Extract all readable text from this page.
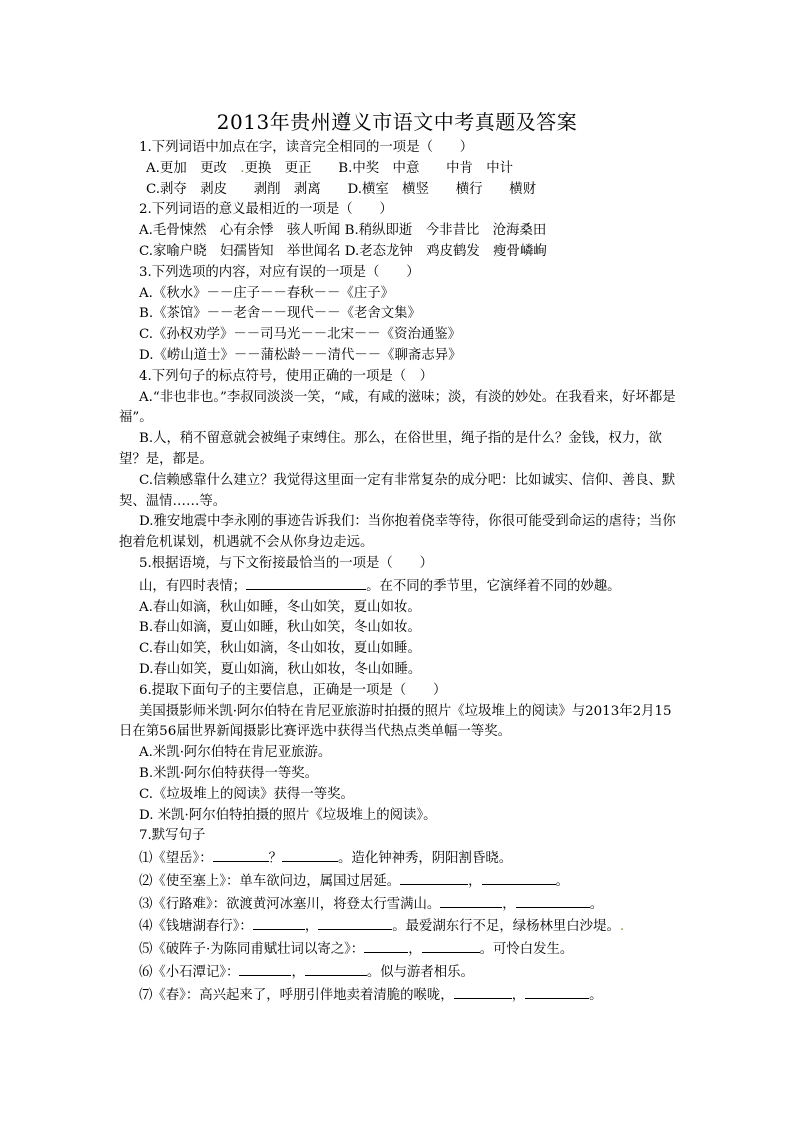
2013年贵州遵义市语文中考真题及答案
1.下列词语中加点在字，读音完全相同的一项是（　　）
A.更加　更改　.更换　更正　　B.中奖　中意　　中肯　中计
C.剥夺　剥皮　　剥削　剥离　　D.横室　横竖　　横行　　横财
2.下列词语的意义最相近的一项是（　　）
A.毛骨悚然　心有余悸　骇人听闻 B.稍纵即逝　今非昔比　沧海桑田
C.家喻户晓　妇孺皆知　举世闻名 D.老态龙钟　鸡皮鹤发　瘦骨嶙峋
3.下列选项的内容，对应有误的一项是（　　）
A.《秋水》－－庄子－－春秋－－《庄子》
B.《茶馆》－－老舍－－现代－－《老舍文集》
C.《孙权劝学》－－司马光－－北宋－－《资治通鉴》
D.《崂山道士》－－蒲松龄－－清代－－《聊斋志异》
4.下列句子的标点符号，使用正确的一项是（　）
A.“非也非也。”李叔同淡淡一笑，“咸，有咸的滋味；淡，有淡的妙处。在我看来，好坏都是福”。
B.人，稍不留意就会被绳子束缚住。那么，在俗世里，绳子指的是什么？金钱，权力，欲望？是，都是。
C.信赖感靠什么建立？我觉得这里面一定有非常复杂的成分吧：比如诚实、信仰、善良、默契、温情……等。
D.雅安地震中李永刚的事迹告诉我们：当你抱着侥幸等待，你很可能受到命运的虐待；当你抱着危机谋划，机遇就不会从你身边走远。
5.根据语境，与下文衔接最恰当的一项是（　　）
山，有四时表情；	。在不同的季节里，它演绎着不同的妙趣。
A.春山如滴，秋山如睡，冬山如笑，夏山如妆。
B.春山如滴，夏山如睡，秋山如笑，冬山如妆。
C.春山如笑，秋山如滴，冬山如妆，夏山如睡。
D.春山如笑，夏山如滴，秋山如妆，冬山如睡。
6.提取下面句子的主要信息，正确是一项是（　　）
美国摄影师米凯·阿尔伯特在肯尼亚旅游时拍摄的照片《垃圾堆上的阅读》与2013年2月15日在第56届世界新闻摄影比赛评选中获得当代热点类单幅一等奖。
A.米凯·阿尔伯特在肯尼亚旅游。
B.米凯·阿尔伯特获得一等奖。
C.《垃圾堆上的阅读》获得一等奖。
D. 米凯·阿尔伯特拍摄的照片《垃圾堆上的阅读》。
7.默写句子
⑴《望岳》：	？	。造化钟神秀，阴阳割昏晓。
⑵《使至塞上》：单车欲问边，属国过居延。	，	。
⑶《行路难》：欲渡黄河冰塞川，将登太行雪满山。	，	。
⑷《钱塘湖春行》：	，	。最爱湖东行不足，绿杨林里白沙堤。.
⑸《破阵子·为陈同甫赋壮词以寄之》：	，	。可怜白发生。
⑹《小石潭记》：	，	。似与游者相乐。
⑺《春》：高兴起来了，呼朋引伴地卖着清脆的喉咙，	，	。
